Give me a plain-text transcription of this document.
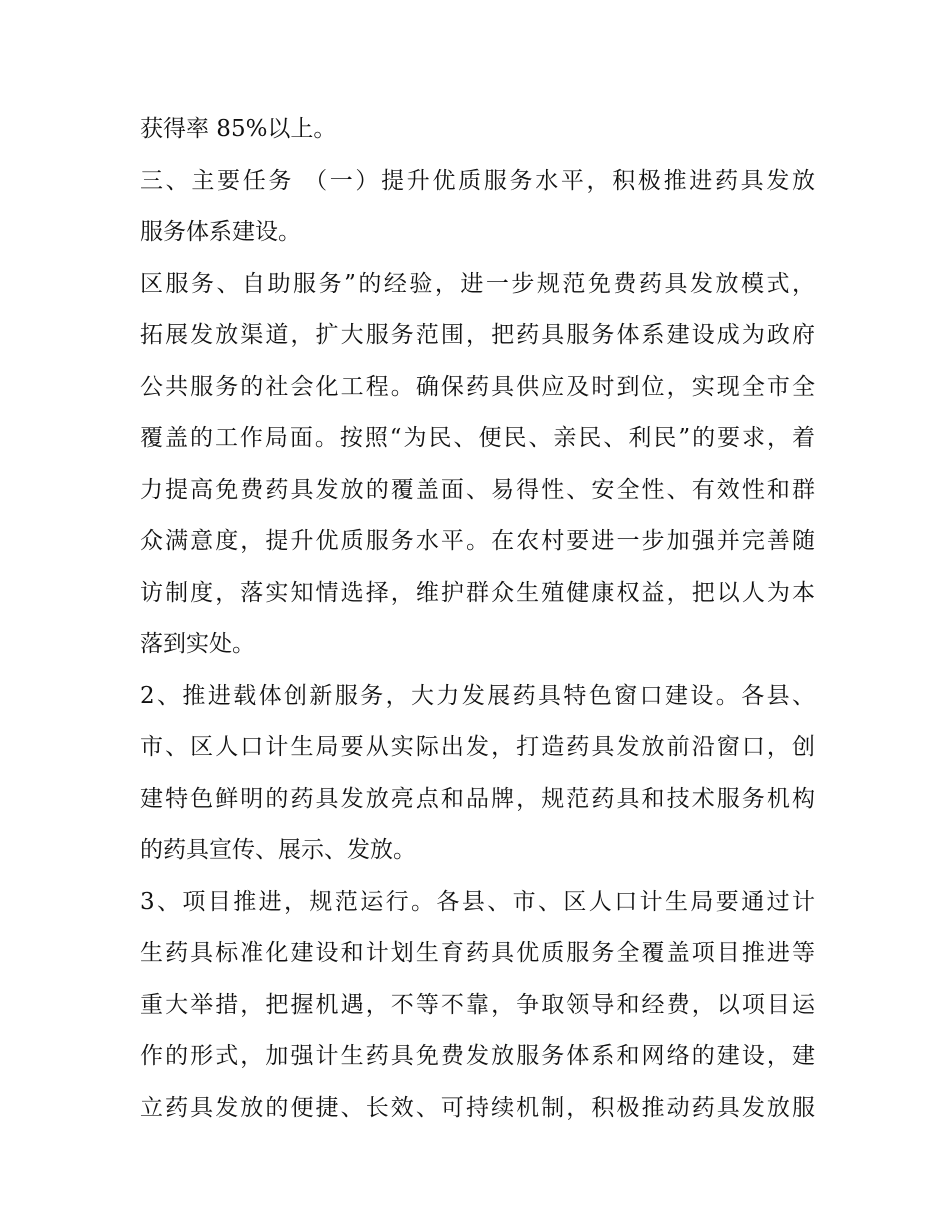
获得率 85%以上。
三、主要任务 （一）提升优质服务水平，积极推进药具发放
服务体系建设。
区服务、自助服务”的经验，进一步规范免费药具发放模式，
拓展发放渠道，扩大服务范围，把药具服务体系建设成为政府
公共服务的社会化工程。确保药具供应及时到位，实现全市全
覆盖的工作局面。按照“为民、便民、亲民、利民”的要求，着
力提高免费药具发放的覆盖面、易得性、安全性、有效性和群
众满意度，提升优质服务水平。在农村要进一步加强并完善随
访制度，落实知情选择，维护群众生殖健康权益，把以人为本
落到实处。
2、推进载体创新服务，大力发展药具特色窗口建设。各县、
市、区人口计生局要从实际出发，打造药具发放前沿窗口，创
建特色鲜明的药具发放亮点和品牌，规范药具和技术服务机构
的药具宣传、展示、发放。
3、项目推进，规范运行。各县、市、区人口计生局要通过计
生药具标准化建设和计划生育药具优质服务全覆盖项目推进等
重大举措，把握机遇，不等不靠，争取领导和经费，以项目运
作的形式，加强计生药具免费发放服务体系和网络的建设，建
立药具发放的便捷、长效、可持续机制，积极推动药具发放服
